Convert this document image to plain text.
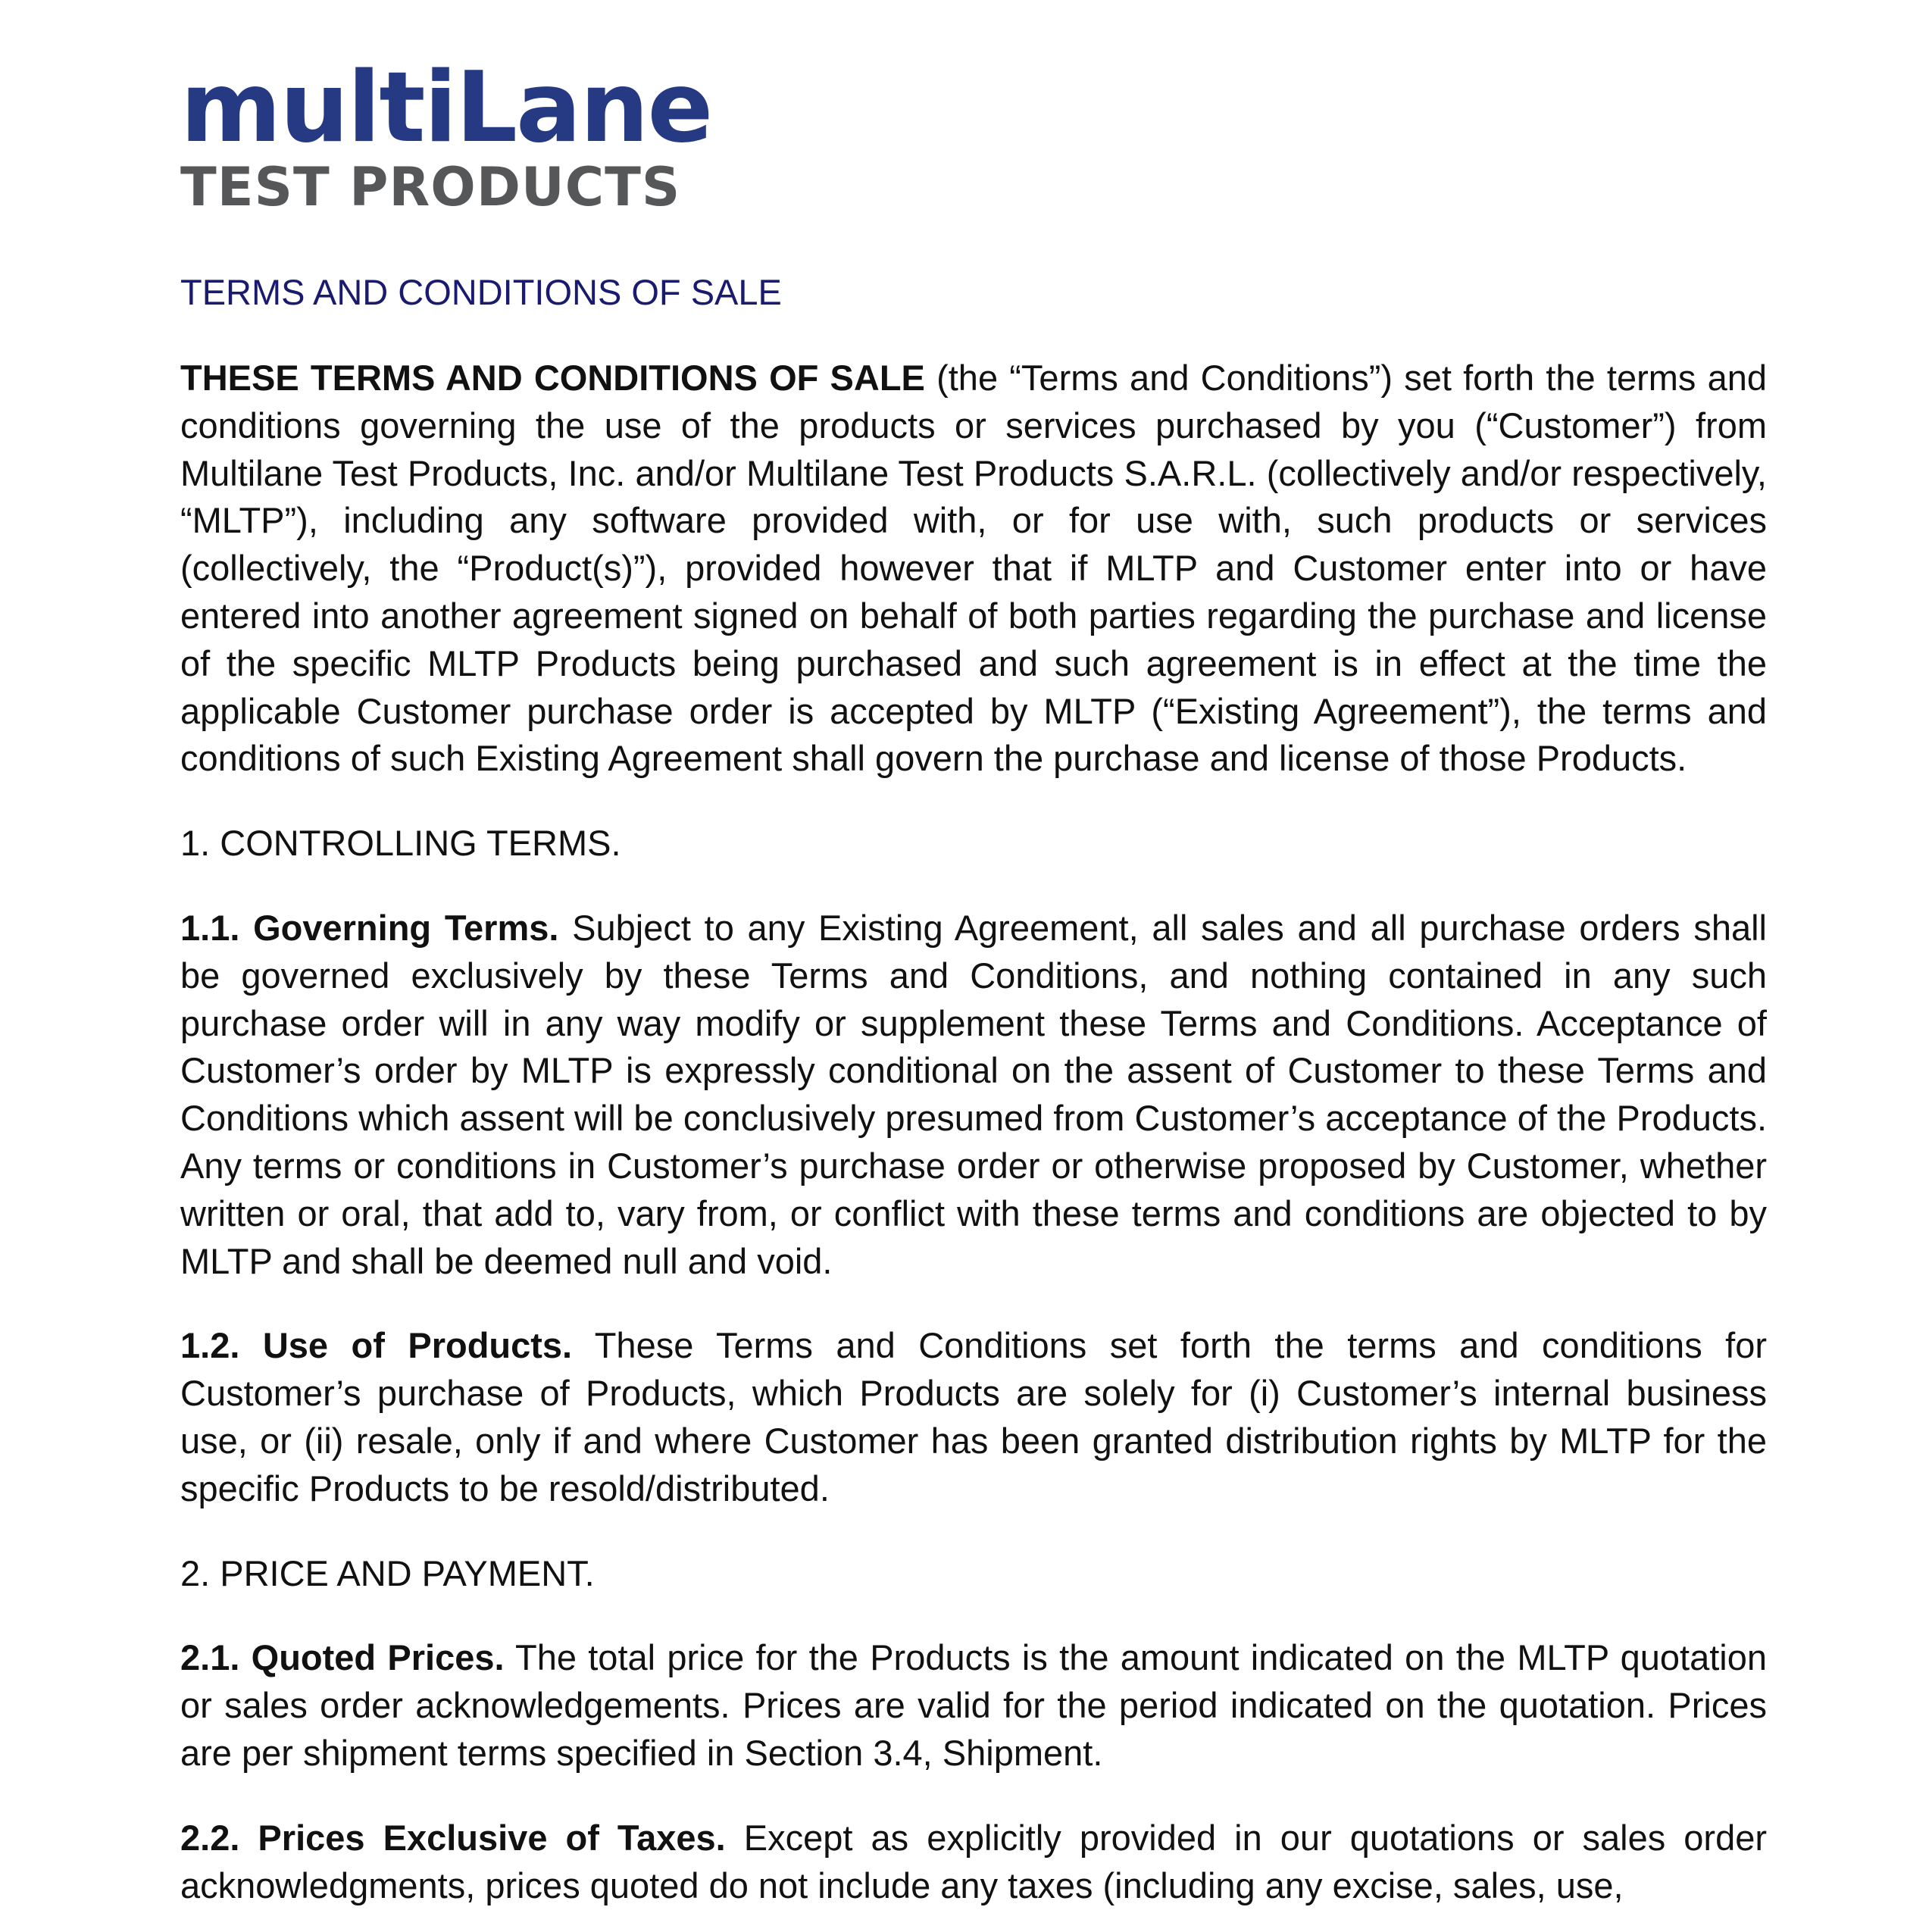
multiLane
TEST PRODUCTS
TERMS AND CONDITIONS OF SALE

THESE TERMS AND CONDITIONS OF SALE (the “Terms and Conditions”) set forth the terms and conditions governing the use of the products or services purchased by you (“Customer”) from Multilane Test Products, Inc. and/or Multilane Test Products S.A.R.L. (collectively and/or respectively, “MLTP”), including any software provided with, or for use with, such products or services (collectively, the “Product(s)”), provided however that if MLTP and Customer enter into or have entered into another agreement signed on behalf of both parties regarding the purchase and license of the specific MLTP Products being purchased and such agreement is in effect at the time the applicable Customer purchase order is accepted by MLTP (“Existing Agreement”), the terms and conditions of such Existing Agreement shall govern the purchase and license of those Products.

1. CONTROLLING TERMS.

1.1. Governing Terms. Subject to any Existing Agreement, all sales and all purchase orders shall be governed exclusively by these Terms and Conditions, and nothing contained in any such purchase order will in any way modify or supplement these Terms and Conditions. Acceptance of Customer’s order by MLTP is expressly conditional on the assent of Customer to these Terms and Conditions which assent will be conclusively presumed from Customer’s acceptance of the Products. Any terms or conditions in Customer’s purchase order or otherwise proposed by Customer, whether written or oral, that add to, vary from, or conflict with these terms and conditions are objected to by MLTP and shall be deemed null and void.

1.2. Use of Products. These Terms and Conditions set forth the terms and conditions for Customer’s purchase of Products, which Products are solely for (i) Customer’s internal business use, or (ii) resale, only if and where Customer has been granted distribution rights by MLTP for the specific Products to be resold/distributed.

2. PRICE AND PAYMENT.

2.1. Quoted Prices. The total price for the Products is the amount indicated on the MLTP quotation or sales order acknowledgements. Prices are valid for the period indicated on the quotation. Prices are per shipment terms specified in Section 3.4, Shipment.

2.2. Prices Exclusive of Taxes. Except as explicitly provided in our quotations or sales order acknowledgments, prices quoted do not include any taxes (including any excise, sales, use,
